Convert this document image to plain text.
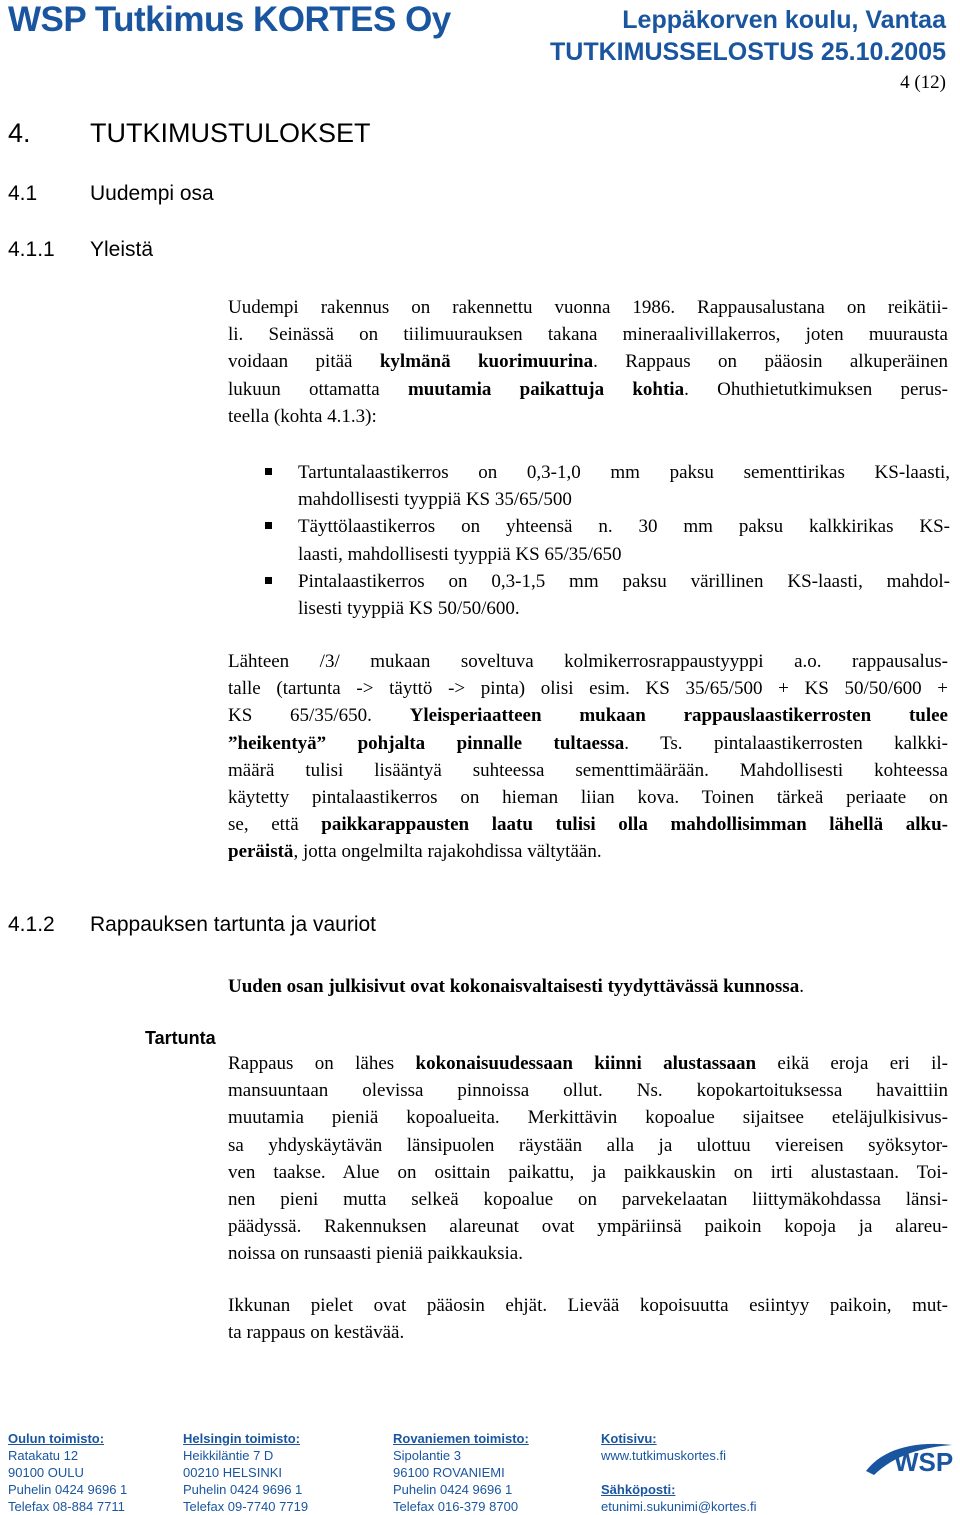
WSP Tutkimus KORTES Oy	Leppäkorven koulu, Vantaa
TUTKIMUSSELOSTUS 25.10.2005
4 (12)
4. TUTKIMUSTULOKSET
4.1	Uudempi osa
4.1.1 Yleistä
Uudempi rakennus on rakennettu vuonna 1986. Rappausalustana on reikätii-
li. Seinässä on tiilimuurauksen takana mineraalivillakerros, joten muurausta
voidaan pitää kylmänä kuorimuurina. Rappaus on pääosin alkuperäinen
lukuun ottamatta muutamia paikattuja kohtia. Ohuthietutkimuksen perus-
teella (kohta 4.1.3):
Tartuntalaastikerros on 0,3-1,0 mm paksu sementtirikas KS-laasti,
mahdollisesti tyyppiä KS 35/65/500
Täyttölaastikerros on yhteensä n. 30 mm paksu kalkkirikas KS-
laasti, mahdollisesti tyyppiä KS 65/35/650
Pintalaastikerros on 0,3-1,5 mm paksu värillinen KS-laasti, mahdol-
lisesti tyyppiä KS 50/50/600.
Lähteen /3/ mukaan soveltuva kolmikerrosrappaustyyppi a.o. rappausalus-
talle (tartunta -> täyttö -> pinta) olisi esim. KS 35/65/500 + KS 50/50/600 +
KS 65/35/650. Yleisperiaatteen mukaan rappauslaastikerrosten tulee
”heikentyä” pohjalta pinnalle tultaessa. Ts. pintalaastikerrosten kalkki-
määrä tulisi lisääntyä suhteessa sementtimäärään. Mahdollisesti kohteessa
käytetty pintalaastikerros on hieman liian kova. Toinen tärkeä periaate on
se, että paikkarappausten laatu tulisi olla mahdollisimman lähellä alku-
peräistä, jotta ongelmilta rajakohdissa vältytään.
4.1.2 Rappauksen tartunta ja vauriot
Uuden osan julkisivut ovat kokonaisvaltaisesti tyydyttävässä kunnossa.
Tartunta
Rappaus on lähes kokonaisuudessaan kiinni alustassaan eikä eroja eri il-
mansuuntaan olevissa pinnoissa ollut. Ns. kopokartoituksessa havaittiin
muutamia pieniä kopoalueita. Merkittävin kopoalue sijaitsee eteläjulkisivus-
sa yhdyskäytävän länsipuolen räystään alla ja ulottuu viereisen syöksytor-
ven taakse. Alue on osittain paikattu, ja paikkauskin on irti alustastaan. Toi-
nen pieni mutta selkeä kopoalue on parvekelaatan liittymäkohdassa länsi-
päädyssä. Rakennuksen alareunat ovat ympäriinsä paikoin kopoja ja alareu-
noissa on runsaasti pieniä paikkauksia.
Ikkunan pielet ovat pääosin ehjät. Lievää kopoisuutta esiintyy paikoin, mut-
ta rappaus on kestävää.
Oulun toimisto:
Ratakatu 12
90100 OULU
Puhelin 0424 9696 1
Telefax 08-884 7711
Helsingin toimisto:
Heikkiläntie 7 D
00210 HELSINKI
Puhelin 0424 9696 1
Telefax 09-7740 7719
Rovaniemen toimisto:
Sipolantie 3
96100 ROVANIEMI
Puhelin 0424 9696 1
Telefax 016-379 8700
Kotisivu:
www.tutkimuskortes.fi

Sähköposti:
etunimi.sukunimi@kortes.fi
WSP
